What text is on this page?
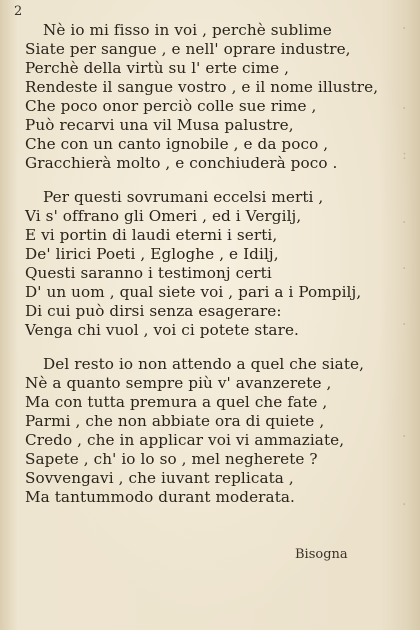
·
·
:
·
·
·
·
·
2
Nè io mi fisso in voi , perchè sublime
Siate per sangue , e nell' oprare industre,
Perchè della virtù su l' erte cime ,
Rendeste il sangue vostro , e il nome illustre,
Che poco onor perciò colle sue rime ,
Può recarvi una vil Musa palustre,
Che con un canto ignobile , e da poco ,
Gracchierà molto , e conchiuderà poco .
Per questi sovrumani eccelsi merti ,
Vi s' offrano gli Omeri , ed i Vergilj,
E vi portin di laudi eterni i serti,
De' lirici Poeti , Egloghe , e Idilj,
Questi saranno i testimonj certi
D' un uom , qual siete voi , pari a i Pompilj,
Di cui può dirsi senza esagerare:
Venga chi vuol , voi ci potete stare.
Del resto io non attendo a quel che siate,
Nè a quanto sempre più v' avanzerete ,
Ma con tutta premura a quel che fate ,
Parmi , che non abbiate ora di quiete ,
Credo , che in applicar voi vi ammaziate,
Sapete , ch' io lo so , mel negherete ?
Sovvengavi , che iuvant replicata ,
Ma tantummodo durant moderata.
Bisogna
